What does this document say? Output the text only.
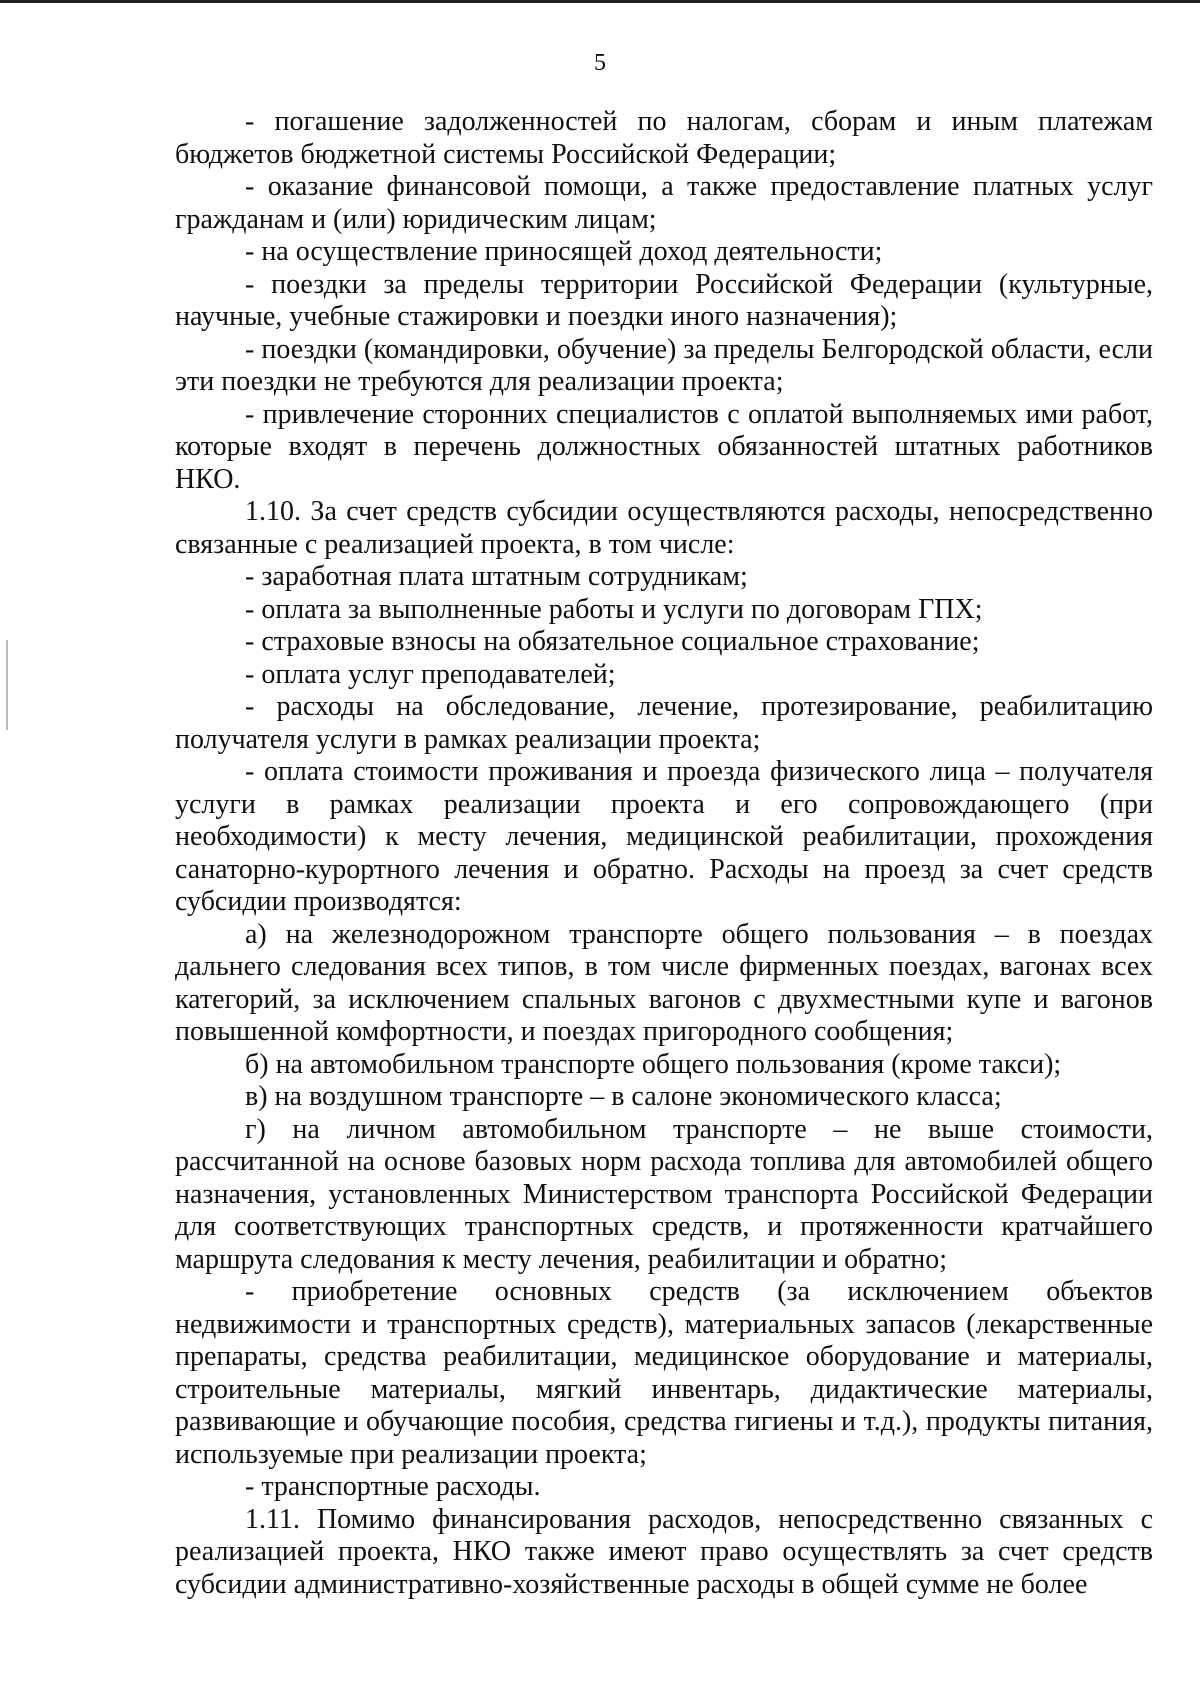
5

- погашение задолженностей по налогам, сборам и иным платежам бюджетов бюджетной системы Российской Федерации;

- оказание финансовой помощи, а также предоставление платных услуг гражданам и (или) юридическим лицам;

- на осуществление приносящей доход деятельности;

- поездки за пределы территории Российской Федерации (культурные, научные, учебные стажировки и поездки иного назначения);

- поездки (командировки, обучение) за пределы Белгородской области, если эти поездки не требуются для реализации проекта;

- привлечение сторонних специалистов с оплатой выполняемых ими работ, которые входят в перечень должностных обязанностей штатных работников НКО.

1.10. За счет средств субсидии осуществляются расходы, непосредственно связанные с реализацией проекта, в том числе:

- заработная плата штатным сотрудникам;

- оплата за выполненные работы и услуги по договорам ГПХ;

- страховые взносы на обязательное социальное страхование;

- оплата услуг преподавателей;

- расходы на обследование, лечение, протезирование, реабилитацию получателя услуги в рамках реализации проекта;

- оплата стоимости проживания и проезда физического лица – получателя услуги в рамках реализации проекта и его сопровождающего (при необходимости) к месту лечения, медицинской реабилитации, прохождения санаторно-курортного лечения и обратно. Расходы на проезд за счет средств субсидии производятся:

а) на железнодорожном транспорте общего пользования – в поездах дальнего следования всех типов, в том числе фирменных поездах, вагонах всех категорий, за исключением спальных вагонов с двухместными купе и вагонов повышенной комфортности, и поездах пригородного сообщения;

б) на автомобильном транспорте общего пользования (кроме такси);

в) на воздушном транспорте – в салоне экономического класса;

г) на личном автомобильном транспорте – не выше стоимости, рассчитанной на основе базовых норм расхода топлива для автомобилей общего назначения, установленных Министерством транспорта Российской Федерации для соответствующих транспортных средств, и протяженности кратчайшего маршрута следования к месту лечения, реабилитации и обратно;

- приобретение основных средств (за исключением объектов недвижимости и транспортных средств), материальных запасов (лекарственные препараты, средства реабилитации, медицинское оборудование и материалы, строительные материалы, мягкий инвентарь, дидактические материалы, развивающие и обучающие пособия, средства гигиены и т.д.), продукты питания, используемые при реализации проекта;

- транспортные расходы.

1.11. Помимо финансирования расходов, непосредственно связанных с реализацией проекта, НКО также имеют право осуществлять за счет средств субсидии административно-хозяйственные расходы в общей сумме не более
